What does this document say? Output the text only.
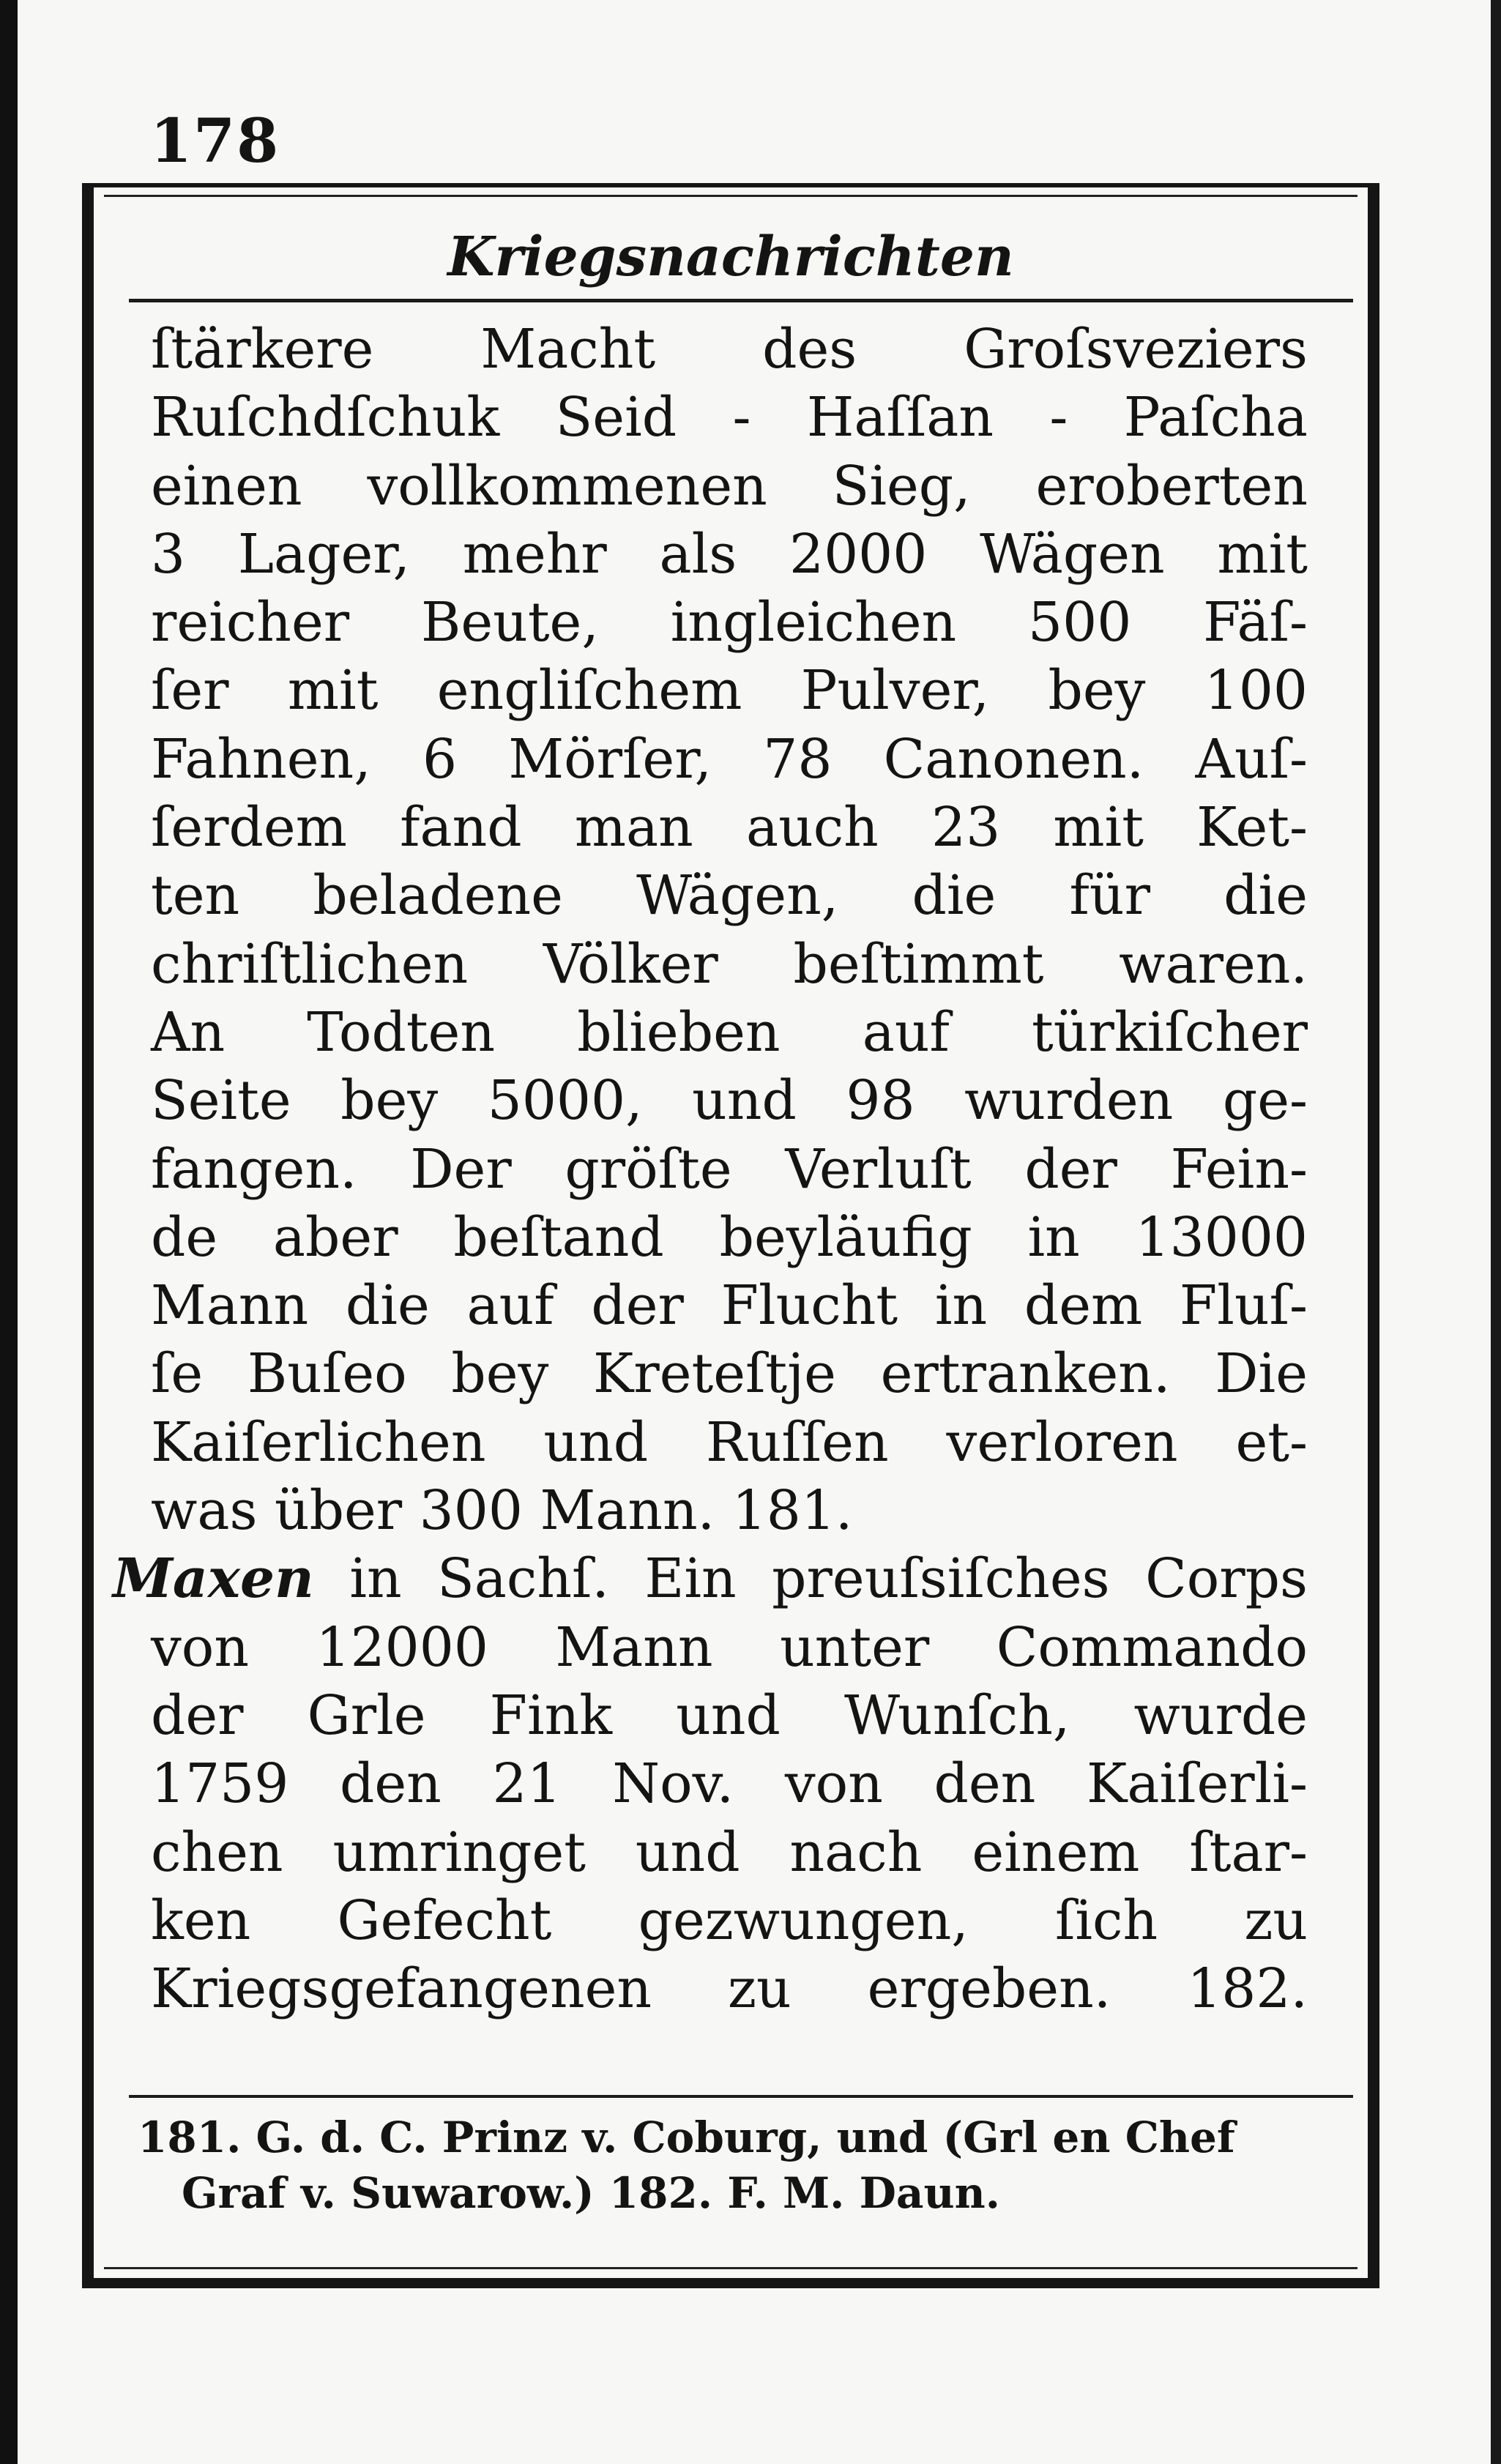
178
Kriegsnachrichten
ſtärkere Macht des Groſsveziers
Ruſchdſchuk Seid - Haſſan - Paſcha
einen vollkommenen Sieg, eroberten
3 Lager, mehr als 2000 Wägen mit
reicher Beute, ingleichen 500 Fäſ-
ſer mit engliſchem Pulver, bey 100
Fahnen, 6 Mörſer, 78 Canonen. Auſ-
ſerdem fand man auch 23 mit Ket-
ten beladene Wägen, die für die
chriſtlichen Völker beſtimmt waren.
An Todten blieben auf türkiſcher
Seite bey 5000, und 98 wurden ge-
fangen. Der gröſte Verluſt der Fein-
de aber beſtand beyläufig in 13000
Mann die auf der Flucht in dem Fluſ-
ſe Buſeo bey Kreteſtje ertranken. Die
Kaiſerlichen und Ruſſen verloren et-
was über 300 Mann. 181.
Maxen in Sachſ. Ein preuſsiſches Corps
von 12000 Mann unter Commando
der Grle Fink und Wunſch, wurde
1759 den 21 Nov. von den Kaiſerli-
chen umringet und nach einem ſtar-
ken Gefecht gezwungen, ſich zu
Kriegsgefangenen zu ergeben. 182.
181. G. d. C. Prinz v. Coburg, und (Grl en Chef
Graf v. Suwarow.) 182. F. M. Daun.
